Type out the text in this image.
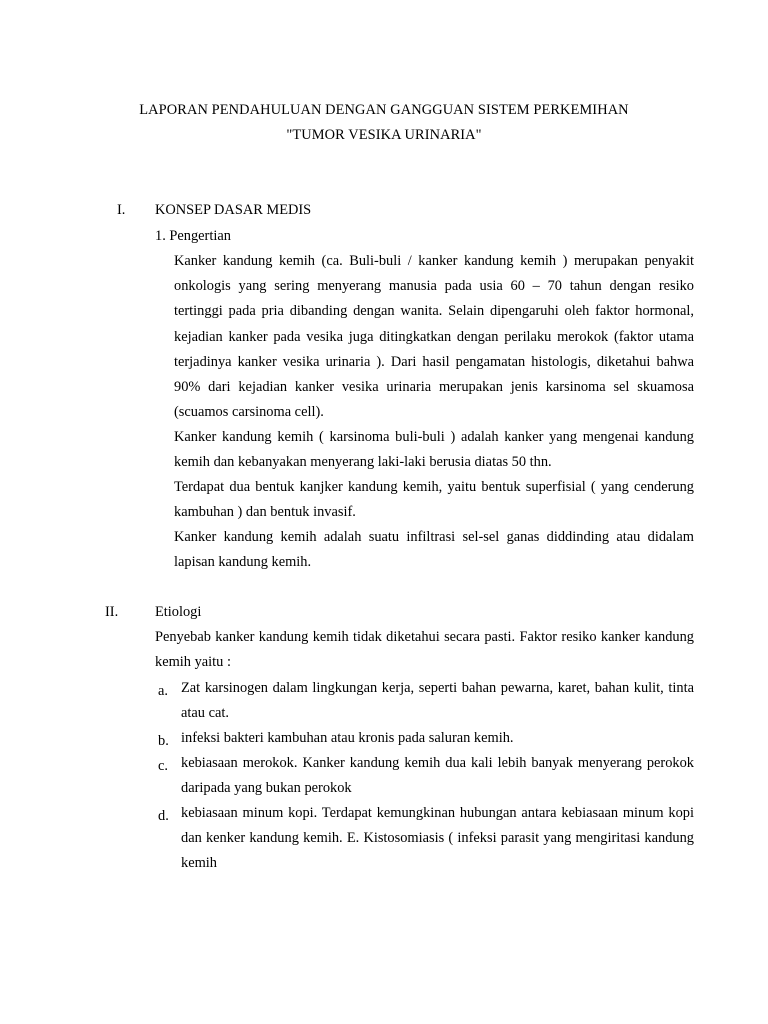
LAPORAN PENDAHULUAN DENGAN GANGGUAN SISTEM PERKEMIHAN
"TUMOR VESIKA URINARIA"
I. KONSEP DASAR MEDIS
1. Pengertian
Kanker kandung kemih (ca. Buli-buli / kanker kandung kemih ) merupakan penyakit onkologis yang sering menyerang manusia pada usia 60 – 70 tahun dengan resiko tertinggi pada pria dibanding dengan wanita. Selain dipengaruhi oleh faktor hormonal, kejadian kanker pada vesika juga ditingkatkan dengan perilaku merokok (faktor utama terjadinya kanker vesika urinaria ). Dari hasil pengamatan histologis, diketahui bahwa 90% dari kejadian kanker vesika urinaria merupakan jenis karsinoma sel skuamosa (scuamos carsinoma cell).
Kanker kandung kemih ( karsinoma buli-buli ) adalah kanker yang mengenai kandung kemih dan kebanyakan menyerang laki-laki berusia diatas 50 thn.
Terdapat dua bentuk kanjker kandung kemih, yaitu bentuk superfisial ( yang cenderung kambuhan ) dan bentuk invasif.
Kanker kandung kemih adalah suatu infiltrasi sel-sel ganas diddinding atau didalam lapisan kandung kemih.
II.	Etiologi
Penyebab kanker kandung kemih tidak diketahui secara pasti. Faktor resiko kanker kandung kemih yaitu :
a. Zat karsinogen dalam lingkungan kerja, seperti bahan pewarna, karet, bahan kulit, tinta atau cat.
b. infeksi bakteri kambuhan atau kronis pada saluran kemih.
c. kebiasaan merokok. Kanker kandung kemih dua kali lebih banyak menyerang perokok daripada yang bukan perokok
d. kebiasaan minum kopi. Terdapat kemungkinan hubungan antara kebiasaan minum kopi dan kenker kandung kemih. E. Kistosomiasis ( infeksi parasit yang mengiritasi kandung kemih
